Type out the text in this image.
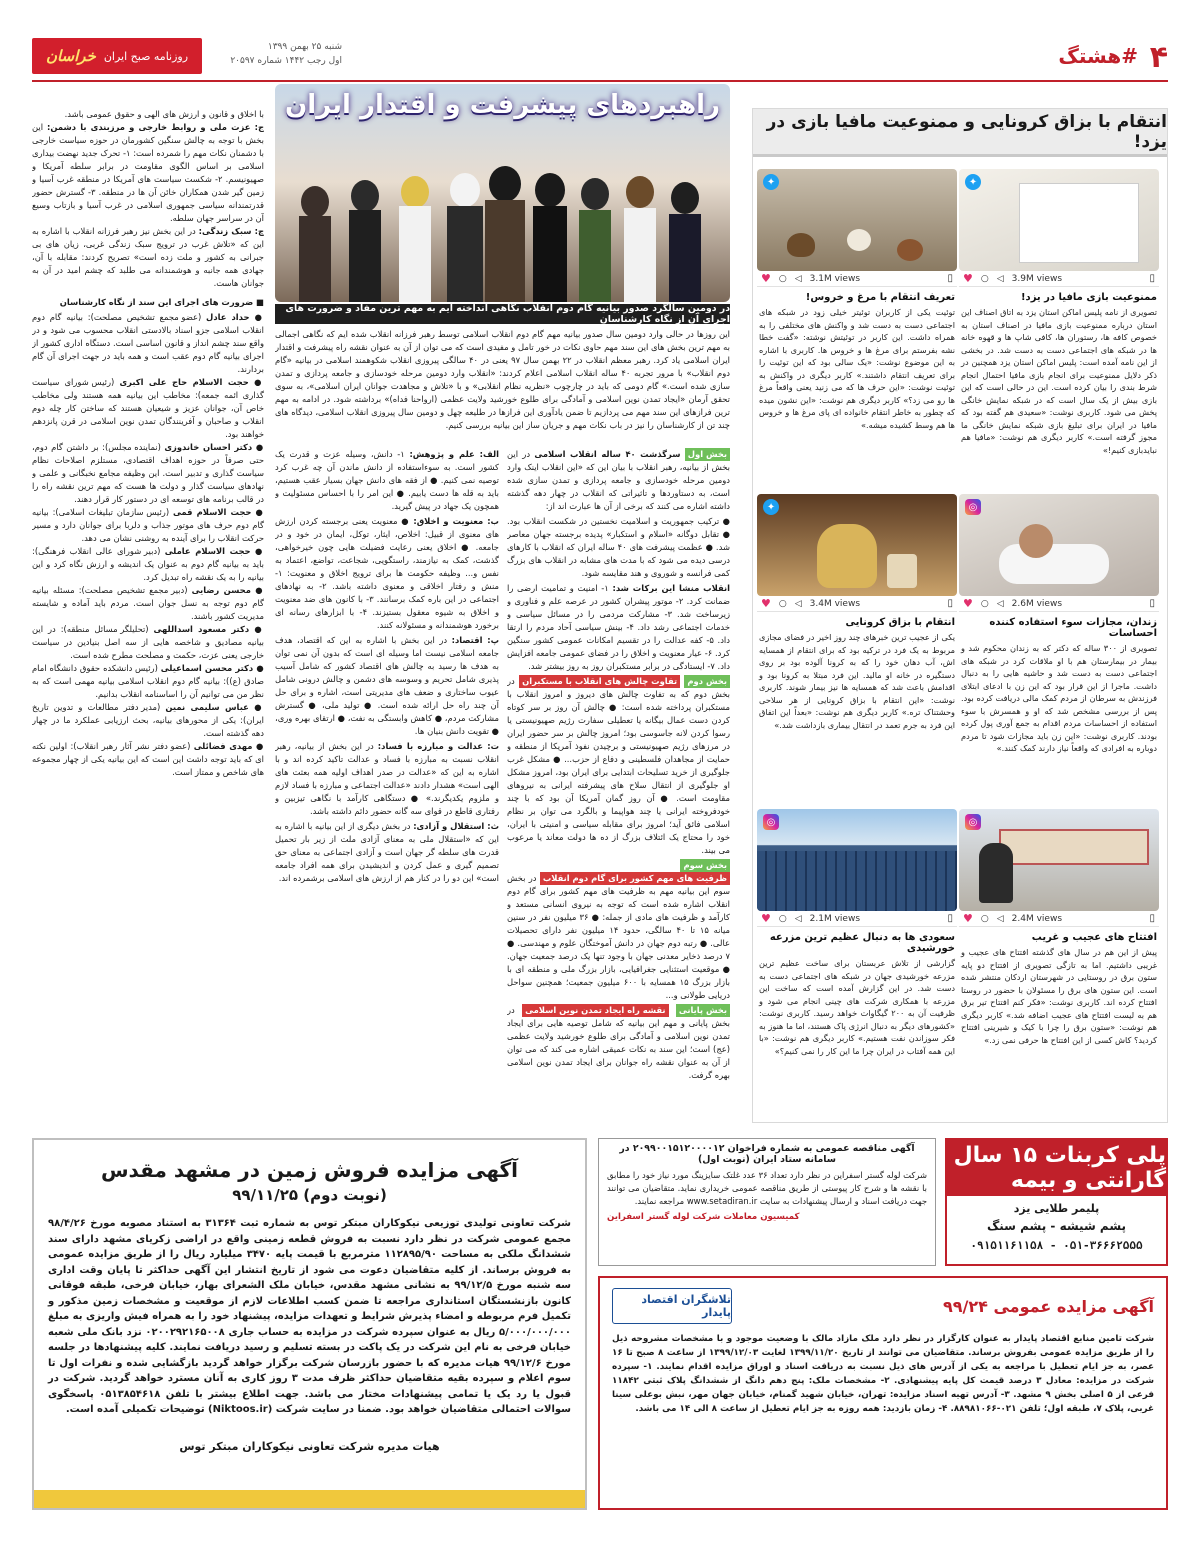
۴
#هشتگ
روزنامه صبح ایران
خراسان	شنبه ۲۵ بهمن ۱۳۹۹
اول رجب ۱۴۴۲ شماره ۲۰۵۹۷
انتقام با بزاق کرونایی و ممنوعیت مافیا بازی در یزد!
✦
♥ ○ ◁ 3.9M views	▯
ممنوعیت بازی مافیا در یزد!
تصویری از نامه پلیس اماکن استان یزد به اتاق اصناف این استان درباره ممنوعیت بازی مافیا در اصناف استان به خصوص کافه ها، رستوران ها، کافی شاپ ها و قهوه خانه ها در شبکه های اجتماعی دست به دست شد. در بخشی از این نامه آمده است: پلیس اماکن استان یزد همچنین در ذکر دلایل ممنوعیت برای انجام بازی مافیا احتمال انجام شرط بندی را بیان کرده است. این در حالی است که این بازی بیش از یک سال است که در شبکه نمایش خانگی پخش می شود. کاربری نوشت: «سعیدی هم گفته بود که مافیا در ایران برای تبلیغ بازی شبکه نمایش خانگی ما مجوز گرفته است.» کاربر دیگری هم نوشت: «مافیا هم نبایدبازی کنیم!»
✦
♥ ○ ◁ 3.1M views	▯
تعریف انتقام با مرغ و خروس!
توئیت یکی از کاربران توئیتر خیلی زود در شبکه های اجتماعی دست به دست شد و واکنش های مختلفی را به همراه داشت. این کاربر در توئیتش نوشته: «گفت خطا نشه بفرستم برای مرغ ها و خروس ها. کاربری با اشاره به این موضوع نوشت: «یک سالی بود که این توئیت را برای تعریف انتقام داشتند.» کاربر دیگری در واکنش به توئیت نوشت: «این حرف ها که می زنید یعنی واقعاً مرغ ها رو می زد؟» کاربر دیگری هم نوشت: «این نشون میده که چطور به خاطر انتقام خانواده ای پای مرغ ها و خروس ها هم وسط کشیده میشه.»
◎
♥ ○ ◁ 2.6M views	▯
زندان، مجازات سوء استفاده کننده احساسات
تصویری از ۳۰۰ ساله که دکتر که به زندان محکوم شد و بیمار در بیمارستان هم با او ملاقات کرد در شبکه های اجتماعی دست به دست شد و حاشیه هایی را به دنبال داشت. ماجرا از این قرار بود که این زن با ادعای ابتلای فرزندش به سرطان از مردم کمک مالی دریافت کرده بود. پس از بررسی مشخص شد که او و همسرش با سوء استفاده از احساسات مردم اقدام به جمع آوری پول کرده بودند. کاربری نوشت: «این زن باید مجازات شود تا مردم دوباره به افرادی که واقعاً نیاز دارند کمک کنند.»
✦
♥ ○ ◁ 3.4M views	▯
انتقام با بزاق کرونایی
یکی از عجیب ترین خبرهای چند روز اخیر در فضای مجازی مربوط به یک فرد در ترکیه بود که برای انتقام از همسایه اش، آب دهان خود را که به کرونا آلوده بود بر روی دستگیره در خانه او مالید. این فرد مبتلا به کرونا بود و اقدامش باعث شد که همسایه ها نیز بیمار شوند. کاربری نوشت: «این انتقام با بزاق کرونایی از هر سلاحی وحشتناک تره.» کاربر دیگری هم نوشت: «بعداً این اتفاق این فرد به جرم تعمد در انتقال بیماری بازداشت شد.»
◎
♥ ○ ◁ 2.4M views	▯
افتتاح های عجیب و غریب
پیش از این هم در سال های گذشته افتتاح های عجیب و غریبی داشتیم. اما به تازگی تصویری از افتتاح دو پایه ستون برق در روستایی در شهرستان اردکان منتشر شده است. این ستون های برق را مسئولان با حضور در روستا افتتاح کرده اند. کاربری نوشت: «فکر کنم افتتاح تیر برق هم به لیست افتتاح های عجیب اضافه شد.» کاربر دیگری هم نوشت: «ستون برق را چرا با کیک و شیرینی افتتاح کردید؟ کاش کسی از این افتتاح ها حرفی نمی زد.»
◎
♥ ○ ◁ 2.1M views	▯
سعودی ها به دنبال عظیم ترین مزرعه خورشیدی
گزارشی از تلاش عربستان برای ساخت عظیم ترین مزرعه خورشیدی جهان در شبکه های اجتماعی دست به دست شد. در این گزارش آمده است که ساخت این مزرعه با همکاری شرکت های چینی انجام می شود و ظرفیت آن به ۲۰۰ گیگاوات خواهد رسید. کاربری نوشت: «کشورهای دیگر به دنبال انرژی پاک هستند، اما ما هنوز به فکر سوزاندن نفت هستیم.» کاربر دیگری هم نوشت: «با این همه آفتاب در ایران چرا ما این کار را نمی کنیم؟»
راهبردهای پیشرفت و اقتدار ایران
در دومین سالگرد صدور بیانیه گام دوم انقلاب نگاهی انداخته ایم به مهم ترین مفاد و ضرورت های اجرای آن از نگاه کارشناسان
این روزها در حالی وارد دومین سال صدور بیانیه مهم گام دوم انقلاب اسلامی توسط رهبر فرزانه انقلاب شده ایم که نگاهی اجمالی به مهم ترین بخش های این سند مهم حاوی نکات در خور تامل و مفیدی است که می توان از آن به عنوان نقشه راه پیشرفت و اقتدار ایران اسلامی یاد کرد. رهبر معظم انقلاب در ۲۲ بهمن سال ۹۷ یعنی در ۴۰ سالگی پیروزی انقلاب شکوهمند اسلامی در بیانیه «گام دوم انقلاب» با مرور تجربه ۴۰ ساله انقلاب اسلامی اعلام کردند: «انقلاب وارد دومین مرحله خودسازی و جامعه پردازی و تمدن سازی شده است.» گام دومی که باید در چارچوب «نظریه نظام انقلابی» و با «تلاش و مجاهدت جوانان ایران اسلامی»، به سوی تحقق آرمان «ایجاد تمدن نوین اسلامی و آمادگی برای طلوع خورشید ولایت عظمی (ارواحنا فداه)» برداشته شود. در ادامه به مهم ترین فرازهای این سند مهم می پردازیم تا ضمن یادآوری این فرازها در طلیعه چهل و دومین سال پیروزی انقلاب اسلامی، دیدگاه های چند تن از کارشناسان را نیز در باب نکات مهم و جریان ساز این بیانیه بررسی کنیم.

بخش اول سرگذشت ۴۰ ساله انقلاب اسلامی در این بخش از بیانیه، رهبر انقلاب با بیان این که «این انقلاب اینک وارد دومین مرحله خودسازی و جامعه پردازی و تمدن سازی شده است، به دستاوردها و تاثیراتی که انقلاب در چهار دهه گذشته داشته اشاره می کنند که برخی از آن ها عبارت اند از:

● ترکیب جمهوریت و اسلامیت نخستین در شکست انقلاب بود. ● تقابل دوگانه «اسلام و استکبار» پدیده برجسته جهان معاصر شد. ● عظمت پیشرفت های ۴۰ ساله ایران که انقلاب با کارهای درسی دیده می شود که با مدت های مشابه در انقلاب های بزرگ کمی فرانسه و شوروی و هند مقایسه شود.

انقلاب منشا این برکات شد: ۱- امنیت و تمامیت ارضی را ضمانت کرد. ۲- موتور پیشران کشور در عرصه علم و فناوری و زیرساخت شد. ۳- مشارکت مردمی را در مسائل سیاسی و خدمات اجتماعی رشد داد. ۴- بینش سیاسی آحاد مردم را ارتقا داد. ۵- کفه عدالت را در تقسیم امکانات عمومی کشور سنگین کرد. ۶- عیار معنویت و اخلاق را در فضای عمومی جامعه افزایش داد. ۷- ایستادگی در برابر مستکبران روز به روز بیشتر شد.

بخش دوم تفاوت چالش های انقلاب با مستکبران در بخش دوم که به تفاوت چالش های دیروز و امروز انقلاب با مستکبران پرداخته شده است: ● چالش آن روز بر سر کوتاه کردن دست عمال بیگانه یا تعطیلی سفارت رژیم صهیونیستی یا رسوا کردن لانه جاسوسی بود؛ امروز چالش بر سر حضور ایران در مرزهای رژیم صهیونیستی و برچیدن نفوذ آمریکا از منطقه و حمایت از مجاهدان فلسطینی و دفاع از حزب... ● مشکل غرب جلوگیری از خرید تسلیحات ابتدایی برای ایران بود، امروز مشکل او جلوگیری از انتقال سلاح های پیشرفته ایرانی به نیروهای مقاومت است. ● آن روز گمان آمریکا آن بود که با چند خودفروخته ایرانی یا چند هواپیما و بالگرد می توان بر نظام اسلامی فائق آید؛ امروز برای مقابله سیاسی و امنیتی با ایران، خود را محتاج یک ائتلاف بزرگ از ده ها دولت معاند یا مرعوب می بیند.

بخش سوم ظرفیت های مهم کشور برای گام دوم انقلاب در بخش سوم این بیانیه مهم به ظرفیت های مهم کشور برای گام دوم انقلاب اشاره شده است که توجه به نیروی انسانی مستعد و کارآمد و ظرفیت های مادی از جمله: ● ۳۶ میلیون نفر در سنین میانه ۱۵ تا ۴۰ سالگی، حدود ۱۴ میلیون نفر دارای تحصیلات عالی. ● رتبه دوم جهان در دانش آموختگان علوم و مهندسی. ● ۷ درصد ذخایر معدنی جهان با وجود تنها یک درصد جمعیت جهان. ● موقعیت استثنایی جغرافیایی، بازار بزرگ ملی و منطقه ای با بازار بزرگ ۱۵ همسایه با ۶۰۰ میلیون جمعیت؛ همچنین سواحل دریایی طولانی و...

بخش پایانی نقشه راه ایجاد تمدن نوین اسلامی در بخش پایانی و مهم این بیانیه که شامل توصیه هایی برای ایجاد تمدن نوین اسلامی و آمادگی برای طلوع خورشید ولایت عظمی (عج) است؛ این سند به نکات عمیقی اشاره می کند که می توان از آن به عنوان نقشه راه جوانان برای ایجاد تمدن نوین اسلامی بهره گرفت.

الف: علم و پژوهش: ۱- دانش، وسیله عزت و قدرت یک کشور است. به سوءاستفاده از دانش ماندن آن چه غرب کرد توصیه نمی کنیم. ● از فقه های دانش جهان بسیار عقب هستیم، باید به قله ها دست یابیم. ● این امر را با احساس مسئولیت و همچون یک جهاد در پیش گیرید.

ب: معنویت و اخلاق: ● معنویت یعنی برجسته کردن ارزش های معنوی از قبیل: اخلاص، ایثار، توکل، ایمان در خود و در جامعه. ● اخلاق یعنی رعایت فضیلت هایی چون خیرخواهی، گذشت، کمک به نیازمند، راستگویی، شجاعت، تواضع، اعتماد به نفس و... وظیفه حکومت ها برای ترویج اخلاق و معنویت: ۱- منش و رفتار اخلاقی و معنوی داشته باشد. ۲- به نهادهای اجتماعی در این باره کمک برسانند. ۳- با کانون های ضد معنویت و اخلاق به شیوه معقول بستیزند. ۴- با ابزارهای رسانه ای برخورد هوشمندانه و مسئولانه کنند.

پ: اقتصاد: در این بخش با اشاره به این که اقتصاد، هدف جامعه اسلامی نیست اما وسیله ای است که بدون آن نمی توان به هدف ها رسید به چالش های اقتصاد کشور که شامل آسیب پذیری شامل تحریم و وسوسه های دشمن و چالش درونی شامل عیوب ساختاری و ضعف های مدیریتی است، اشاره و برای حل آن چند راه حل ارائه شده است. ● تولید ملی، ● گسترش مشارکت مردم، ● کاهش وابستگی به نفت، ● ارتقای بهره وری، ● تقویت دانش بنیان ها.

ت: عدالت و مبارزه با فساد: در این بخش از بیانیه، رهبر انقلاب نسبت به مبارزه با فساد و عدالت تاکید کرده اند و با اشاره به این که «عدالت در صدر اهداف اولیه همه بعثت های الهی است» هشدار دادند «عدالت اجتماعی و مبارزه با فساد لازم و ملزوم یکدیگرند.» ● دستگاهی کارآمد با نگاهی تیزبین و رفتاری قاطع در قوای سه گانه حضور دائم داشته باشد.

ث: استقلال و آزادی: در بخش دیگری از این بیانیه با اشاره به این که «استقلال ملی به معنای آزادی ملت از زیر بار تحمیل قدرت های سلطه گر جهان است و آزادی اجتماعی به معنای حق تصمیم گیری و عمل کردن و اندیشیدن برای همه افراد جامعه است» این دو را در کنار هم از ارزش های اسلامی برشمرده اند.

با اخلاق و قانون و ارزش های الهی و حقوق عمومی باشد.

ج: عزت ملی و روابط خارجی و مرزبندی با دشمن: این بخش با توجه به چالش سنگین کشورمان در حوزه سیاست خارجی با دشمنان نکات مهم را شمرده است: ۱- تحرک جدید نهضت بیداری اسلامی بر اساس الگوی مقاومت در برابر سلطه آمریکا و صهیونیسم. ۲- شکست سیاست های آمریکا در منطقه غرب آسیا و زمین گیر شدن همکاران خائن آن ها در منطقه. ۳- گسترش حضور قدرتمندانه سیاسی جمهوری اسلامی در غرب آسیا و بازتاب وسیع آن در سراسر جهان سلطه.

چ: سبک زندگی: در این بخش نیز رهبر فرزانه انقلاب با اشاره به این که «تلاش غرب در ترویج سبک زندگی غربی، زیان های بی جبرانی به کشور و ملت زده است» تصریح کردند: مقابله با آن، جهادی همه جانبه و هوشمندانه می طلبد که چشم امید در آن به جوانان هاست.

■ ضرورت های اجرای این سند از نگاه کارشناسان

● حداد عادل (عضو مجمع تشخیص مصلحت): بیانیه گام دوم انقلاب اسلامی جزو اسناد بالادستی انقلاب محسوب می شود و در واقع سند چشم انداز و قانون اساسی است. دستگاه اداری کشور از اجرای بیانیه گام دوم عقب است و همه باید در جهت اجرای آن گام بردارند.

● حجت الاسلام حاج علی اکبری (رئیس شورای سیاست گذاری ائمه جمعه): مخاطب این بیانیه همه هستند ولی مخاطب خاص آن، جوانان عزیز و شیعیان هستند که ساختن کار چله دوم انقلاب و صاحبان و آفرینندگان تمدن نوین اسلامی در قرن پانزدهم خواهند بود.

● دکتر احسان خاندوزی (نماینده مجلس): بر داشتن گام دوم، حتی صرفاً در حوزه اهداف اقتصادی، مستلزم اصلاحات نظام سیاست گذاری و تدبیر است. این وظیفه مجامع نخبگانی و علمی و نهادهای سیاست گذار و دولت ها هست که مهم ترین نقشه راه را در قالب برنامه های توسعه ای در دستور کار قرار دهند.

● حجت الاسلام قمی (رئیس سازمان تبلیغات اسلامی): بیانیه گام دوم حرف های موتور جذاب و دلربا برای جوانان دارد و مسیر حرکت انقلاب را برای آینده به روشنی نشان می دهد.

● حجت الاسلام عاملی (دبیر شورای عالی انقلاب فرهنگی): باید به بیانیه گام دوم به عنوان یک اندیشه و ارزش نگاه کرد و این بیانیه را به یک نقشه راه تبدیل کرد.

● محسن رضایی (دبیر مجمع تشخیص مصلحت): مسئله بیانیه گام دوم توجه به نسل جوان است. مردم باید آماده و شایسته مدیریت کشور باشند.

● دکتر مسعود اسداللهی (تحلیلگر مسائل منطقه): در این بیانیه مصادیق و شاخصه هایی از سه اصل بنیادین در سیاست خارجی یعنی عزت، حکمت و مصلحت مطرح شده است.

● دکتر محسن اسماعیلی (رئیس دانشکده حقوق دانشگاه امام صادق (ع)): بیانیه گام دوم انقلاب اسلامی بیانیه مهمی است که به نظر من می توانیم آن را اساسنامه انقلاب بدانیم.

● عباس سلیمی نمین (مدیر دفتر مطالعات و تدوین تاریخ ایران): یکی از محورهای بیانیه، بحث ارزیابی عملکرد ما در چهار دهه گذشته است.

● مهدی فضائلی (عضو دفتر نشر آثار رهبر انقلاب): اولین نکته ای که باید توجه داشت این است که این بیانیه یکی از چهار مجموعه های شاخص و ممتاز است.

آگهی مزایده فروش زمین در مشهد مقدس
(نوبت دوم) ۹۹/۱۱/۲۵
شرکت تعاونی تولیدی توزیعی نیکوکاران مبتکر توس به شماره ثبت ۳۱۳۶۴ به استناد مصوبه مورخ ۹۸/۴/۲۶ مجمع عمومی شرکت در نظر دارد نسبت به فروش قطعه زمینی واقع در اراضی زکریای مشهد دارای سند ششدانگ ملکی به مساحت ۱۱۲۸۹۵/۹۰ مترمربع با قیمت پایه ۳۴۷۰ میلیارد ریال را از طریق مزایده عمومی به فروش برساند. از کلیه متقاضیان دعوت می شود از تاریخ انتشار این آگهی حداکثر تا پایان وقت اداری سه شنبه مورخ ۹۹/۱۲/۵ به نشانی مشهد مقدس، خیابان ملک الشعرای بهار، خیابان فرخی، طبقه فوقانی کانون بازنشستگان استانداری مراجعه تا ضمن کسب اطلاعات لازم از موقعیت و مشخصات زمین مذکور و تکمیل فرم مربوطه و امضاء پذیرش شرایط و تعهدات مزایده، پیشنهاد خود را به همراه فیش واریزی به مبلغ ۵/۰۰۰/۰۰۰/۰۰۰ ریال به عنوان سپرده شرکت در مزایده به حساب جاری ۰۲۰۰۲۹۲۱۶۵۰۰۸ نزد بانک ملی شعبه خیابان فرخی به نام این شرکت در یک پاکت در بسته تسلیم و رسید دریافت نمایند. کلیه پیشنهادها در جلسه مورخ ۹۹/۱۲/۶ هیات مدیره که با حضور بازرسان شرکت برگزار خواهد گردید بازگشایی شده و نفرات اول تا سوم اعلام و سپرده بقیه متقاضیان حداکثر ظرف مدت ۳ روز کاری به آنان مسترد خواهد گردید. شرکت در قبول یا رد یک یا تمامی پیشنهادات مختار می باشد. جهت اطلاع بیشتر با تلفن ۰۵۱۳۸۵۴۶۱۸ پاسخگوی سوالات احتمالی متقاضیان خواهد بود. ضمنا در سایت شرکت (Niktoos.ir) توضیحات تکمیلی آمده است.
هیات مدیره شرکت تعاونی نیکوکاران مبتکر توس
آگهی مناقصه عمومی به شماره فراخوان ۲۰۹۹۰۰۱۵۱۲۰۰۰۰۱۲ در سامانه ستاد ایران (نوبت اول)
شرکت لوله گستر اسفراین در نظر دارد تعداد ۳۶ عدد غلتک سایزینگ مورد نیاز خود را مطابق با نقشه ها و شرح کار پیوستی از طریق مناقصه عمومی خریداری نماید. متقاضیان می توانند جهت دریافت اسناد و ارسال پیشنهادات به سایت www.setadiran.ir مراجعه نمایند.
کمیسیون معاملات شرکت لوله گستر اسفراین
پلی کربنات ۱۵ سال گارانتی و بیمه
پلیمر طلایی یزد
پشم شیشه - پشم سنگ
۰۹۱۵۱۱۶۱۱۵۸ - ۰۵۱-۳۶۶۶۲۵۵۵
آگهی مزایده عمومی ۹۹/۲۴
تلاشگران اقتصاد پایدار
شرکت تامین منابع اقتصاد پایدار به عنوان کارگزار در نظر دارد ملک مازاد مالک با وضعیت موجود و با مشخصات مشروحه ذیل را از طریق مزایده عمومی بفروش برساند. متقاضیان می توانند از تاریخ ۱۳۹۹/۱۱/۲۰ لغایت ۱۳۹۹/۱۲/۰۳ از ساعت ۸ صبح تا ۱۶ عصر، به جز ایام تعطیل با مراجعه به یکی از آدرس های ذیل نسبت به دریافت اسناد و اوراق مزایده اقدام نمایند. ۱- سپرده شرکت در مزایده: معادل ۳ درصد قیمت کل پایه پیشنهادی. ۲- مشخصات ملک: پنج دهم دانگ از ششدانگ پلاک ثبتی ۱۱۸۴۲ فرعی از ۵ اصلی بخش ۹ مشهد. ۳- آدرس تهیه اسناد مزایده: تهران، خیابان شهید گمنام، خیابان جهان مهر، نبش بوعلی سینا غربی، پلاک ۷، طبقه اول؛ تلفن ۰۲۱-۸۸۹۸۱۰۶۶. ۴- زمان بازدید: همه روزه به جز ایام تعطیل از ساعت ۸ الی ۱۴ می باشد.
